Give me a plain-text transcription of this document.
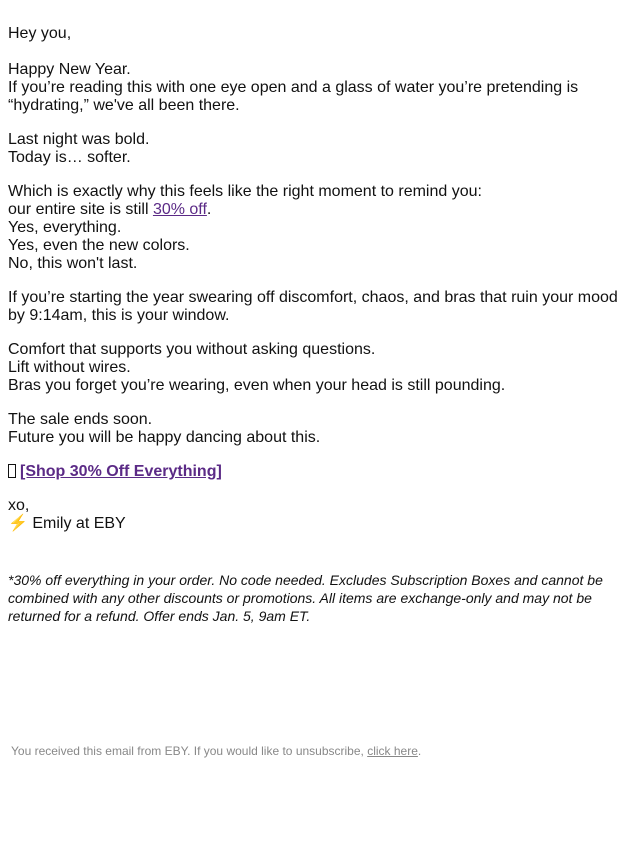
Hey you,
Happy New Year.
If you’re reading this with one eye open and a glass of water you’re pretending is “hydrating,” we've all been there.
Last night was bold.
Today is… softer.
Which is exactly why this feels like the right moment to remind you:
our entire site is still 30% off.
Yes, everything.
Yes, even the new colors.
No, this won't last.
If you’re starting the year swearing off discomfort, chaos, and bras that ruin your mood by 9:14am, this is your window.
Comfort that supports you without asking questions.
Lift without wires.
Bras you forget you’re wearing, even when your head is still pounding.
The sale ends soon.
Future you will be happy dancing about this.
[Shop 30% Off Everything]
xo,
⚡ Emily at EBY

*30% off everything in your order. No code needed. Excludes Subscription Boxes and cannot be combined with any other discounts or promotions. All items are exchange-only and may not be returned for a refund. Offer ends Jan. 5, 9am ET.

You received this email from EBY. If you would like to unsubscribe, click here.
